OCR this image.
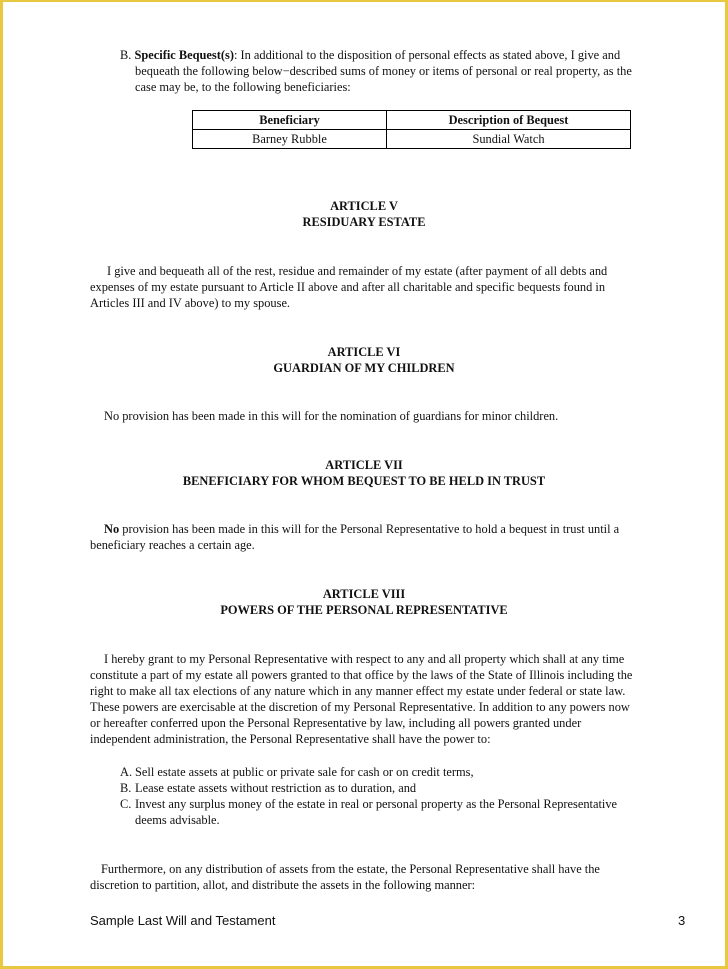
B. Specific Bequest(s): In additional to the disposition of personal effects as stated above, I give and
bequeath the following below−described sums of money or items of personal or real property, as the
case may be, to the following beneficiaries:
Beneficiary	Description of Bequest
Barney Rubble	Sundial Watch
ARTICLE V
RESIDUARY ESTATE
I give and bequeath all of the rest, residue and remainder of my estate (after payment of all debts and
expenses of my estate pursuant to Article II above and after all charitable and specific bequests found in
Articles III and IV above) to my spouse.
ARTICLE VI
GUARDIAN OF MY CHILDREN
No provision has been made in this will for the nomination of guardians for minor children.
ARTICLE VII
BENEFICIARY FOR WHOM BEQUEST TO BE HELD IN TRUST
No provision has been made in this will for the Personal Representative to hold a bequest in trust until a
beneficiary reaches a certain age.
ARTICLE VIII
POWERS OF THE PERSONAL REPRESENTATIVE
I hereby grant to my Personal Representative with respect to any and all property which shall at any time
constitute a part of my estate all powers granted to that office by the laws of the State of Illinois including the
right to make all tax elections of any nature which in any manner effect my estate under federal or state law.
These powers are exercisable at the discretion of my Personal Representative. In addition to any powers now
or hereafter conferred upon the Personal Representative by law, including all powers granted under
independent administration, the Personal Representative shall have the power to:
A. Sell estate assets at public or private sale for cash or on credit terms,
B. Lease estate assets without restriction as to duration, and
C. Invest any surplus money of the estate in real or personal property as the Personal Representative
deems advisable.
Furthermore, on any distribution of assets from the estate, the Personal Representative shall have the
discretion to partition, allot, and distribute the assets in the following manner:
Sample Last Will and Testament	3
